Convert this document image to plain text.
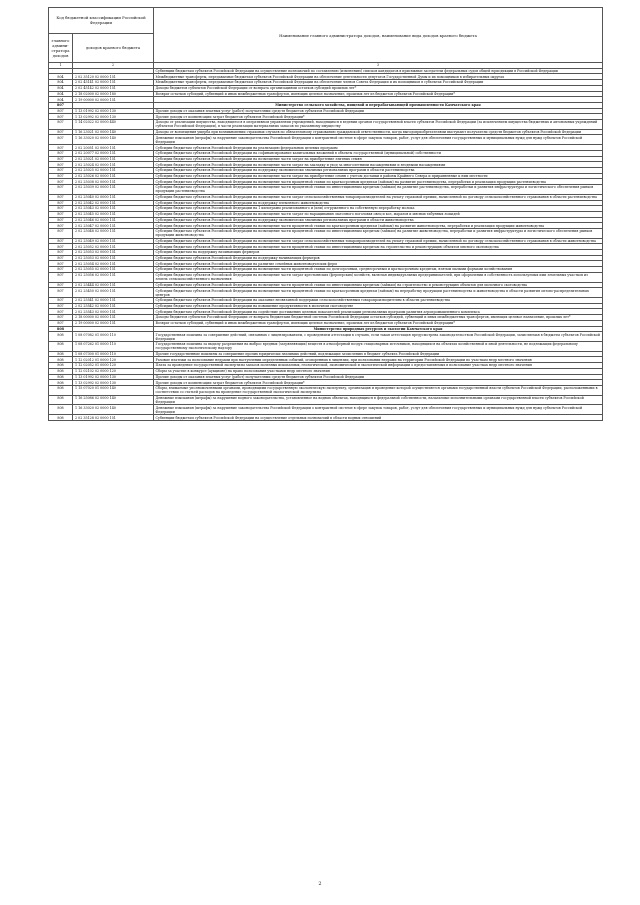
Код бюджетной классификации Российской Федерации		Наименование главного администратора доходов, наименование вида доходов краевого бюджета
главного админи-стратора доходов	доходов краевого бюджета	
1	2	3
		Субвенции бюджетам субъектов Российской Федерации на осуществление полномочий по составлению (изменению) списков кандидатов в присяжные заседатели федеральных судов общей юрисдикции в Российской Федерации
804	2 02 35120 02 0000 151	Межбюджетные трансферты, передаваемые бюджетам субъектов Российской Федерации на обеспечение деятельности депутатов Государственной Думы и их помощников в избирательных округах
804	2 02 45141 02 0000 151	Межбюджетные трансферты, передаваемые бюджетам субъектов Российской Федерации на обеспечение членов Совета Федерации и их помощников в субъектах Российской Федерации
804	2 02 45142 02 0000 151	Доходы бюджетов субъектов Российской Федерации от возврата организациями остатков субсидий прошлых лет*
804	2 18 02000 02 0000 180	Возврат остатков субсидий, субвенций и иных межбюджетных трансфертов, имеющих целевое назначение, прошлых лет из бюджетов субъектов Российской Федерации*
804	2 19 00000 02 0000 151	
807		Министерство сельского хозяйства, пищевой и перерабатывающей промышленности Камчатского края
807	1 13 01992 02 0000 130	Прочие доходы от оказания платных услуг (работ) получателями средств бюджетов субъектов Российской Федерации
807	1 13 02992 02 0000 130	Прочие доходы от компенсации затрат бюджетов субъектов Российской Федерации*
807	1 14 02022 02 0000 440	Доходы от реализации имущества, находящегося в оперативном управлении учреждений, находящихся в ведении органов государственной власти субъектов Российской Федерации (за исключением имущества бюджетных и автономных учреждений субъектов Российской Федерации), в части реализации материальных запасов по указанному имуществу
807	1 16 23021 02 0000 140	Доходы от возмещения ущерба при возникновении страховых случаев по обязательному страхованию гражданской ответственности, когда выгодоприобретателями выступают получатели средств бюджетов субъектов Российской Федерации
807	1 16 33020 02 0000 140	Денежные взыскания (штрафы) за нарушение законодательства Российской Федерации о контрактной системе в сфере закупок товаров, работ, услуг для обеспечения государственных и муниципальных нужд для нужд субъектов Российской Федерации
807	2 02 20051 02 0000 151	Субсидии бюджетам субъектов Российской Федерации на реализацию федеральных целевых программ
807	2 02 20077 02 0000 151	Субсидии бюджетам субъектов Российской Федерации на софинансирование капитальных вложений в объекты государственной (муниципальной) собственности
807	2 02 25021 02 0000 151	Субсидии бюджетам субъектов Российской Федерации на возмещение части затрат на приобретение элитных семян
807	2 02 25024 02 0000 151	Субсидии бюджетам субъектов Российской Федерации на возмещение части затрат на закладку и уход за многолетними насаждениями и ягодными насаждениями
807	2 02 25025 02 0000 151	Субсидии бюджетам субъектов Российской Федерации на поддержку экономически значимых региональных программ в области растениеводства
807	2 02 25026 02 0000 151	Субсидии бюджетам субъектов Российской Федерации на возмещение части затрат на приобретение семян с учетом доставки в районы Крайнего Севера и приравненные к ним местности
807	2 02 25038 02 0000 151	Субсидии бюджетам субъектов Российской Федерации на возмещение части процентной ставки по краткосрочным кредитам (займам) на развитие растениеводства, переработки и реализации продукции растениеводства
807	2 02 25039 02 0000 151	Субсидии бюджетам субъектов Российской Федерации на возмещение части процентной ставки по инвестиционным кредитам (займам) на развитие растениеводства, переработки и развития инфраструктуры и логистического обеспечения рынков продукции растениеводства
807	2 02 25040 02 0000 151	Субсидии бюджетам субъектов Российской Федерации на возмещение части затрат сельскохозяйственных товаропроизводителей на уплату страховой премии, начисленной по договору сельскохозяйственного страхования в области растениеводства
807	2 02 25042 02 0000 151	Субсидии бюджетам субъектов Российской Федерации на поддержку племенного животноводства
807	2 02 25043 02 0000 151	Субсидии бюджетам субъектов Российской Федерации на 1 килограмм реализованного и (или) отгруженного на собственную переработку молока
807	2 02 25045 02 0000 151	Субсидии бюджетам субъектов Российской Федерации на возмещение части затрат по наращиванию маточного поголовья овец и коз, маралов и мясных табунных лошадей
807	2 02 25046 02 0000 151	Субсидии бюджетам субъектов Российской Федерации на поддержку экономически значимых региональных программ в области животноводства
807	2 02 25047 02 0000 151	Субсидии бюджетам субъектов Российской Федерации на возмещение части процентной ставки по краткосрочным кредитам (займам) на развитие животноводства, переработки и реализации продукции животноводства
807	2 02 25048 02 0000 151	Субсидии бюджетам субъектов Российской Федерации на возмещение части процентной ставки по инвестиционным кредитам (займам) на развитие животноводства, переработки и развития инфраструктуры и логистического обеспечения рынков продукции животноводства
807	2 02 25049 02 0000 151	Субсидии бюджетам субъектов Российской Федерации на возмещение части затрат сельскохозяйственных товаропроизводителей на уплату страховой премии, начисленной по договору сельскохозяйственного страхования в области животноводства
807	2 02 25052 02 0000 151	Субсидии бюджетам субъектов Российской Федерации на возмещение части процентной ставки по инвестиционным кредитам на строительство и реконструкцию объектов мясного скотоводства
807	2 02 25053 02 0000 151	Субсидии бюджетам на поддержку начинающих фермеров
807	2 02 25053 02 0000 151	Субсидии бюджетам субъектов Российской Федерации на поддержку начинающих фермеров
807	2 02 25054 02 0000 151	Субсидии бюджетам субъектов Российской Федерации на развитие семейных животноводческих ферм
807	2 02 25055 02 0000 151	Субсидии бюджетам субъектов Российской Федерации на возмещение части процентной ставки по долгосрочным, среднесрочным и краткосрочным кредитам, взятым малыми формами хозяйствования
807	2 02 25056 02 0000 151	Субсидии бюджетам субъектов Российской Федерации на возмещение части затрат крестьянских (фермерских) хозяйств, включая индивидуальных предпринимателей, при оформлении в собственность используемых ими земельных участков из земель сельскохозяйственного назначения
807	2 02 25444 02 0000 151	Субсидии бюджетам субъектов Российской Федерации на возмещение части процентной ставки по инвестиционным кредитам (займам) на строительство и реконструкцию объектов для молочного скотоводства
807	2 02 25450 02 0000 151	Субсидии бюджетам субъектов Российской Федерации на возмещение части процентной ставки по краткосрочным кредитам (займам) на переработку продукции растениеводства и животноводства в области развития оптово-распределительных центров
807	2 02 25541 02 0000 151	Субсидии бюджетам субъектов Российской Федерации на оказание несвязанной поддержки сельскохозяйственным товаропроизводителям в области растениеводства
807	2 02 25542 02 0000 151	Субсидии бюджетам субъектов Российской Федерации на повышение продуктивности в молочном скотоводстве
807	2 02 25543 02 0000 151	Субсидии бюджетам субъектов Российской Федерации на содействие достижению целевых показателей реализации региональных программ развития агропромышленного комплекса
807	2 18 00000 02 0000 151	Доходы бюджетов субъектов Российской Федерации от возврата бюджетами бюджетной системы Российской Федерации остатков субсидий, субвенций и иных межбюджетных трансфертов, имеющих целевое назначение, прошлых лет*
807	2 19 00000 02 0000 151	Возврат остатков субсидий, субвенций и иных межбюджетных трансфертов, имеющих целевое назначение, прошлых лет из бюджетов субъектов Российской Федерации*
808		Министерство природных ресурсов и экологии Камчатского края
808	1 08 07082 01 0000 110	Государственная пошлина за совершение действий, связанных с лицензированием, с проведением аттестации в случаях, если такая аттестация предусмотрена законодательством Российской Федерации, зачисляемая в бюджеты субъектов Российской Федерации
808	1 08 07262 01 0000 110	Государственная пошлина за выдачу разрешения на выброс вредных (загрязняющих) веществ в атмосферный воздух стационарных источников, находящихся на объектах хозяйственной и иной деятельности, не подлежащих федеральному государственному экологическому надзору
808	1 08 07300 01 0000 110	Прочие государственные пошлины за совершение прочих юридически значимых действий, подлежащие зачислению в бюджет субъекта Российской Федерации
808	1 12 02012 01 0000 120	Разовые платежи за пользование недрами при наступлении определенных событий, оговоренных в лицензии, при пользовании недрами на территории Российской Федерации по участкам недр местного значения
808	1 12 02052 01 0000 120	Плата за проведение государственной экспертизы запасов полезных ископаемых, геологической, экономической и экологической информации о предоставляемых в пользование участках недр местного значения
808	1 12 02102 02 0000 120	Сборы за участие в конкурсе (аукционе) на право пользования участками недр местного значения
808	1 13 01992 02 0000 130	Прочие доходы от оказания платных услуг (работ) получателями средств бюджетов субъектов Российской Федерации
808	1 13 02992 02 0000 130	Прочие доходы от компенсации затрат бюджетов субъектов Российской Федерации*
808	1 15 07020 01 0000 140	Сборы, взимаемые уполномоченными органами, проводящими государственную экологическую экспертизу, организация и проведение которой осуществляется органами государственной власти субъектов Российской Федерации, расположенными в соответствии со статьей расходов на проведение государственной экологической экспертизы
808	1 16 25086 02 0000 140	Денежные взыскания (штрафы) за нарушение водного законодательства, установленное на водных объектах, находящихся в федеральной собственности, налагаемые исполнительными органами государственной власти субъектов Российской Федерации
808	1 16 33020 02 0000 140	Денежные взыскания (штрафы) за нарушение законодательства Российской Федерации о контрактной системе в сфере закупок товаров, работ, услуг для обеспечения государственных и муниципальных нужд для нужд субъектов Российской Федерации
808	2 02 35128 02 0000 151	Субвенции бюджетам субъектов Российской Федерации на осуществление отдельных полномочий в области водных отношений
2
